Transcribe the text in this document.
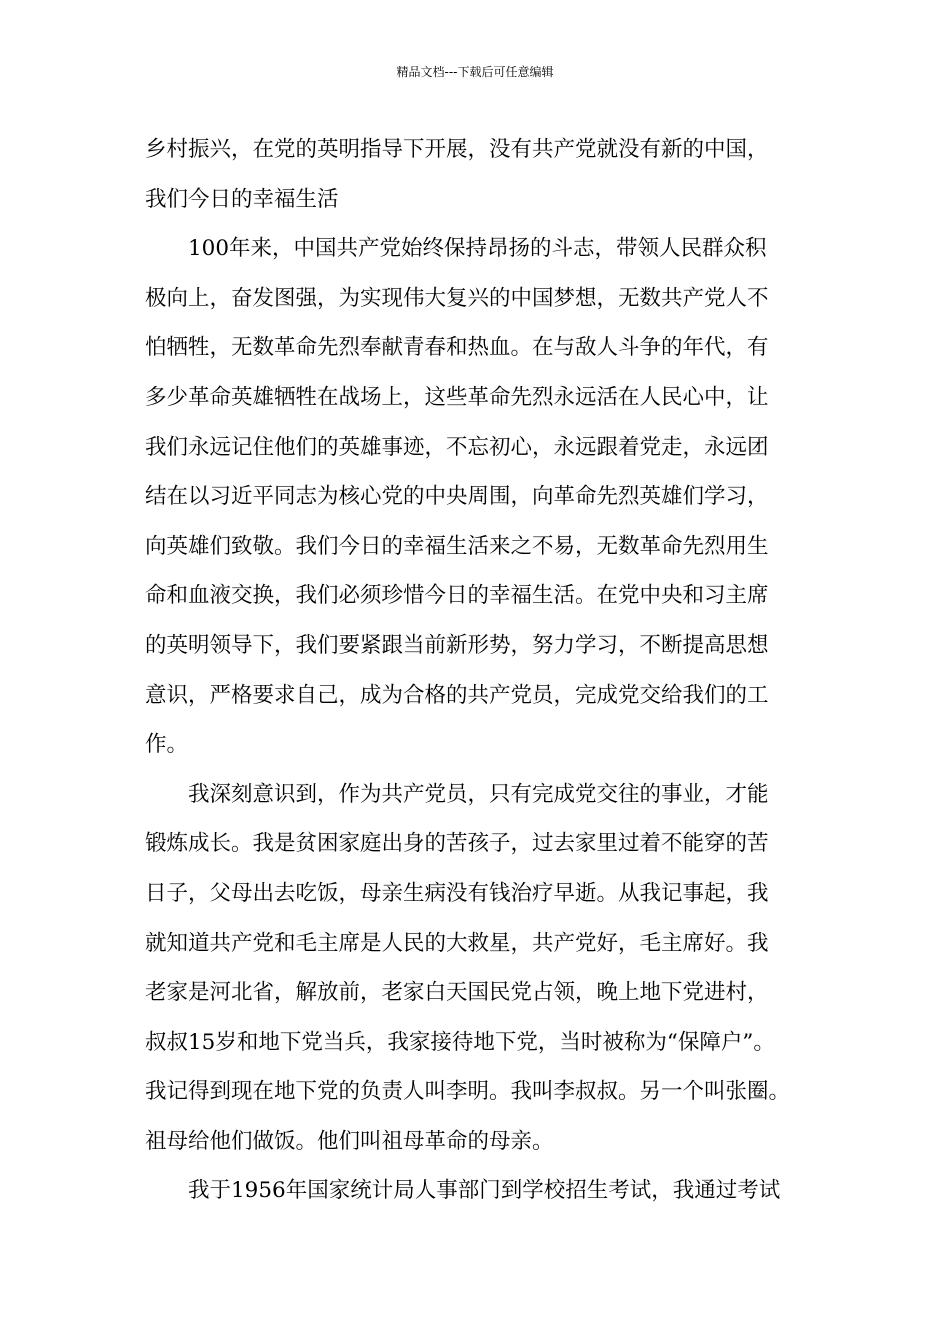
精品文档---下载后可任意编辑
乡村振兴，在党的英明指导下开展，没有共产党就没有新的中国，
我们今日的幸福生活
100年来，中国共产党始终保持昂扬的斗志，带领人民群众积
极向上，奋发图强，为实现伟大复兴的中国梦想，无数共产党人不
怕牺牲，无数革命先烈奉献青春和热血。在与敌人斗争的年代，有
多少革命英雄牺牲在战场上，这些革命先烈永远活在人民心中，让
我们永远记住他们的英雄事迹，不忘初心，永远跟着党走，永远团
结在以习近平同志为核心党的中央周围，向革命先烈英雄们学习，
向英雄们致敬。我们今日的幸福生活来之不易，无数革命先烈用生
命和血液交换，我们必须珍惜今日的幸福生活。在党中央和习主席
的英明领导下，我们要紧跟当前新形势，努力学习，不断提高思想
意识，严格要求自己，成为合格的共产党员，完成党交给我们的工
作。
我深刻意识到，作为共产党员，只有完成党交往的事业，才能
锻炼成长。我是贫困家庭出身的苦孩子，过去家里过着不能穿的苦
日子，父母出去吃饭，母亲生病没有钱治疗早逝。从我记事起，我
就知道共产党和毛主席是人民的大救星，共产党好，毛主席好。我
老家是河北省，解放前，老家白天国民党占领，晚上地下党进村，
叔叔15岁和地下党当兵，我家接待地下党，当时被称为“保障户”。
我记得到现在地下党的负责人叫李明。我叫李叔叔。另一个叫张圈。
祖母给他们做饭。他们叫祖母革命的母亲。
我于1956年国家统计局人事部门到学校招生考试，我通过考试
